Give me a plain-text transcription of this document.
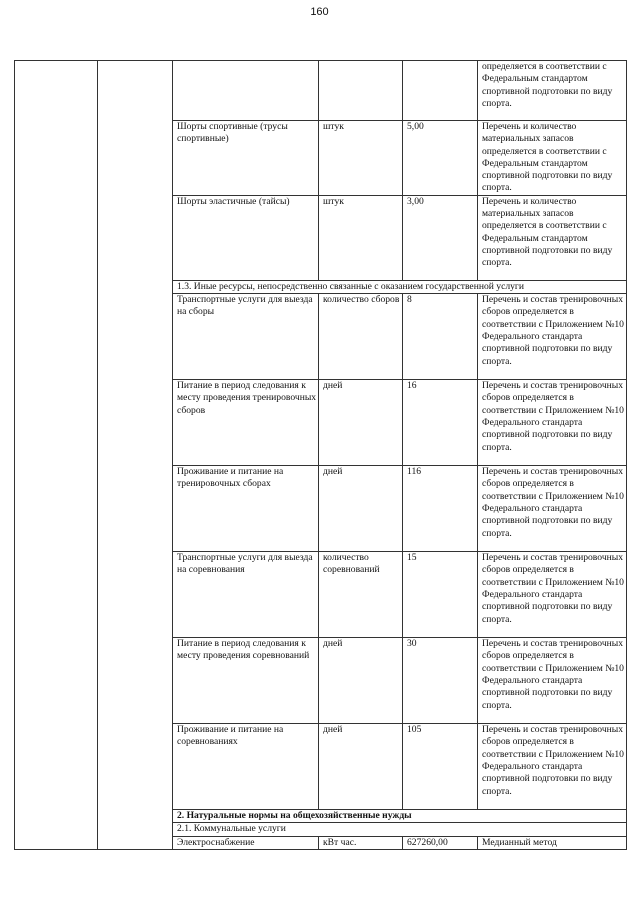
160
					определяется в соответствии с Федеральным стандартом спортивной подготовки по виду спорта.
		Шорты спортивные (трусы спортивные)	штук	5,00	Перечень и количество материальных запасов определяется в соответствии с Федеральным стандартом спортивной подготовки по виду спорта.
		Шорты эластичные (тайсы)	штук	3,00	Перечень и количество материальных запасов определяется в соответствии с Федеральным стандартом спортивной подготовки по виду спорта.
		1.3. Иные ресурсы, непосредственно связанные с оказанием государственной услуги			
		Транспортные услуги для выезда на сборы	количество сборов	8	Перечень и состав тренировочных сборов определяется в соответствии с Приложением №10 Федерального стандарта спортивной подготовки по виду спорта.
		Питание в период следования к месту проведения тренировочных сборов	дней	16	Перечень и состав тренировочных сборов определяется в соответствии с Приложением №10 Федерального стандарта спортивной подготовки по виду спорта.
		Проживание и питание на тренировочных сборах	дней	116	Перечень и состав тренировочных сборов определяется в соответствии с Приложением №10 Федерального стандарта спортивной подготовки по виду спорта.
		Транспортные услуги для выезда на соревнования	количество соревнований	15	Перечень и состав тренировочных сборов определяется в соответствии с Приложением №10 Федерального стандарта спортивной подготовки по виду спорта.
		Питание в период следования к месту проведения соревнований	дней	30	Перечень и состав тренировочных сборов определяется в соответствии с Приложением №10 Федерального стандарта спортивной подготовки по виду спорта.
		Проживание и питание на соревнованиях	дней	105	Перечень и состав тренировочных сборов определяется в соответствии с Приложением №10 Федерального стандарта спортивной подготовки по виду спорта.
		2. Натуральные нормы на общехозяйственные нужды			
		2.1. Коммунальные услуги			
		Электроснабжение	кВт час.	627260,00	Медианный метод
